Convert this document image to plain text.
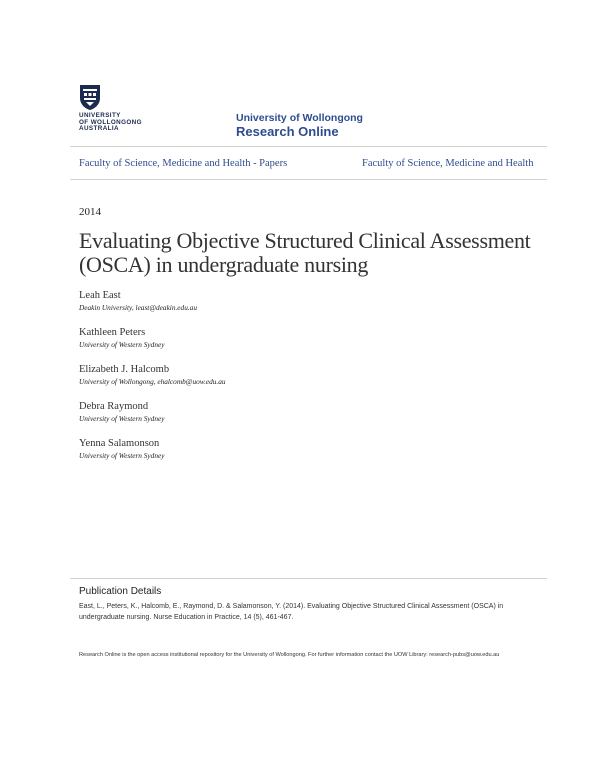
UNIVERSITY
OF WOLLONGONG
AUSTRALIA
University of Wollongong
Research Online
Faculty of Science, Medicine and Health - Papers	Faculty of Science, Medicine and Health
2014
Evaluating Objective Structured Clinical Assessment (OSCA) in undergraduate nursing
Leah East
Deakin University, least@deakin.edu.au
Kathleen Peters
University of Western Sydney
Elizabeth J. Halcomb
University of Wollongong, ehalcomb@uow.edu.au
Debra Raymond
University of Western Sydney
Yenna Salamonson
University of Western Sydney
Publication Details
East, L., Peters, K., Halcomb, E., Raymond, D. & Salamonson, Y. (2014). Evaluating Objective Structured Clinical Assessment (OSCA) in undergraduate nursing. Nurse Education in Practice, 14 (5), 461-467.
Research Online is the open access institutional repository for the University of Wollongong. For further information contact the UOW Library: research-pubs@uow.edu.au
